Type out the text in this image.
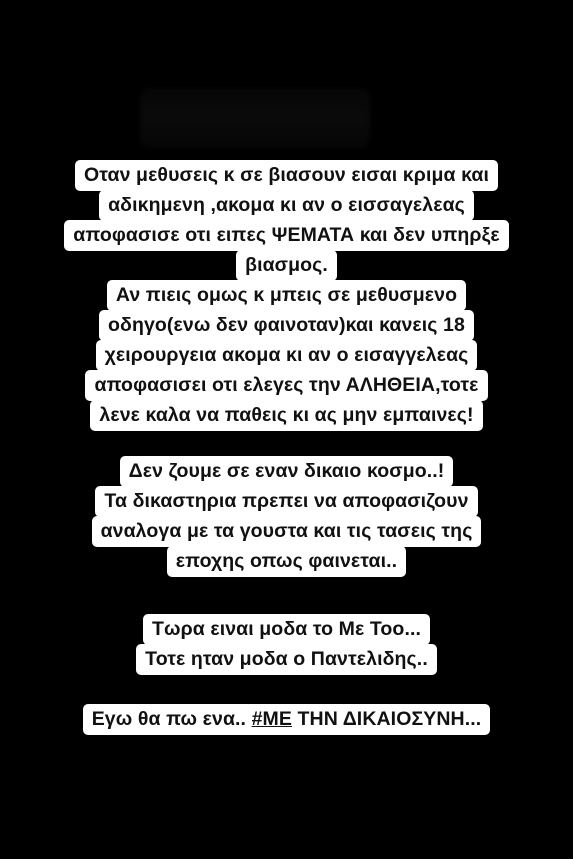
Οταν μεθυσεις κ σε βιασουν εισαι κριμα και
αδικημενη ,ακομα κι αν ο εισσαγελεας
αποφασισε οτι ειπες ΨΕΜΑΤΑ και δεν υπηρξε
βιασμος.
Αν πιεις ομως κ μπεις σε μεθυσμενο
οδηγο(ενω δεν φαινοταν)και κανεις 18
χειρουργεια ακομα κι αν ο εισαγγελεας
αποφασισει οτι ελεγες την ΑΛΗΘΕΙΑ,τοτε
λενε καλα να παθεις κι ας μην εμπαινες!
Δεν ζουμε σε εναν δικαιο κοσμο..!
Τα δικαστηρια πρεπει να αποφασιζουν
αναλογα με τα γουστα και τις τασεις της
εποχης οπως φαινεται..
Τωρα ειναι μοδα το Με Τοο...
Τοτε ηταν μοδα ο Παντελιδης..
Εγω θα πω ενα.. #ΜΕ ΤΗΝ ΔΙΚΑΙΟΣΥΝΗ...
